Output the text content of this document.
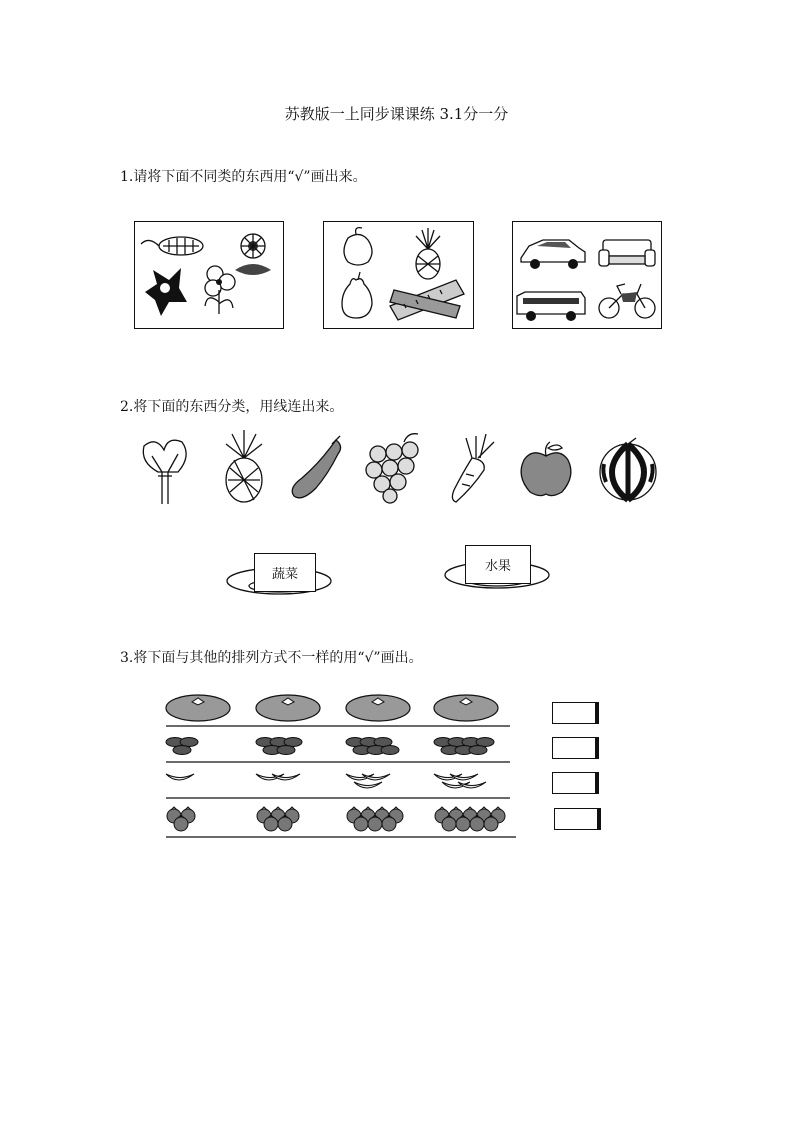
苏教版一上同步课课练 3.1分一分
1.请将下面不同类的东西用“√”画出来。
2.将下面的东西分类，用线连出来。
蔬菜
水果
3.将下面与其他的排列方式不一样的用“√”画出。
